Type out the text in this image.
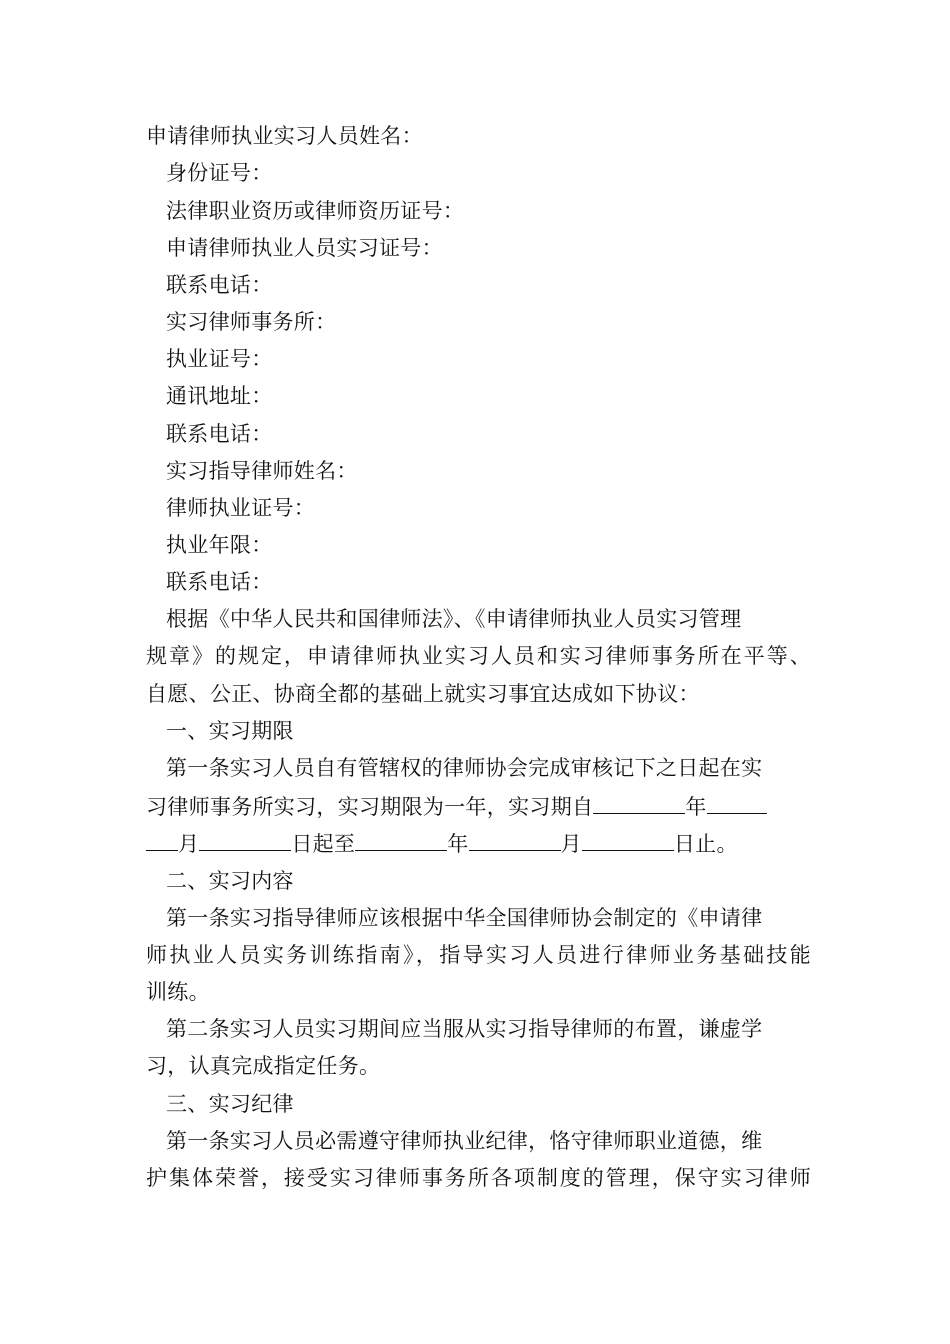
申请律师执业实习人员姓名：
身份证号：
法律职业资历或律师资历证号：
申请律师执业人员实习证号：
联系电话：
实习律师事务所：
执业证号：
通讯地址：
联系电话：
实习指导律师姓名：
律师执业证号：
执业年限：
联系电话：
根据《中华人民共和国律师法》、《申请律师执业人员实习管理
规章》的规定，申请律师执业实习人员和实习律师事务所在平等、
自愿、公正、协商全都的基础上就实习事宜达成如下协议：
一、实习期限
第一条实习人员自有管辖权的律师协会完成审核记下之日起在实
习律师事务所实习，实习期限为一年，实习期自	年
月	日起至	年	月	日止。
二、实习内容
第一条实习指导律师应该根据中华全国律师协会制定的《申请律
师执业人员实务训练指南》，指导实习人员进行律师业务基础技能
训练。
第二条实习人员实习期间应当服从实习指导律师的布置，谦虚学
习，认真完成指定任务。
三、实习纪律
第一条实习人员必需遵守律师执业纪律，恪守律师职业道德，维
护集体荣誉，接受实习律师事务所各项制度的管理，保守实习律师
